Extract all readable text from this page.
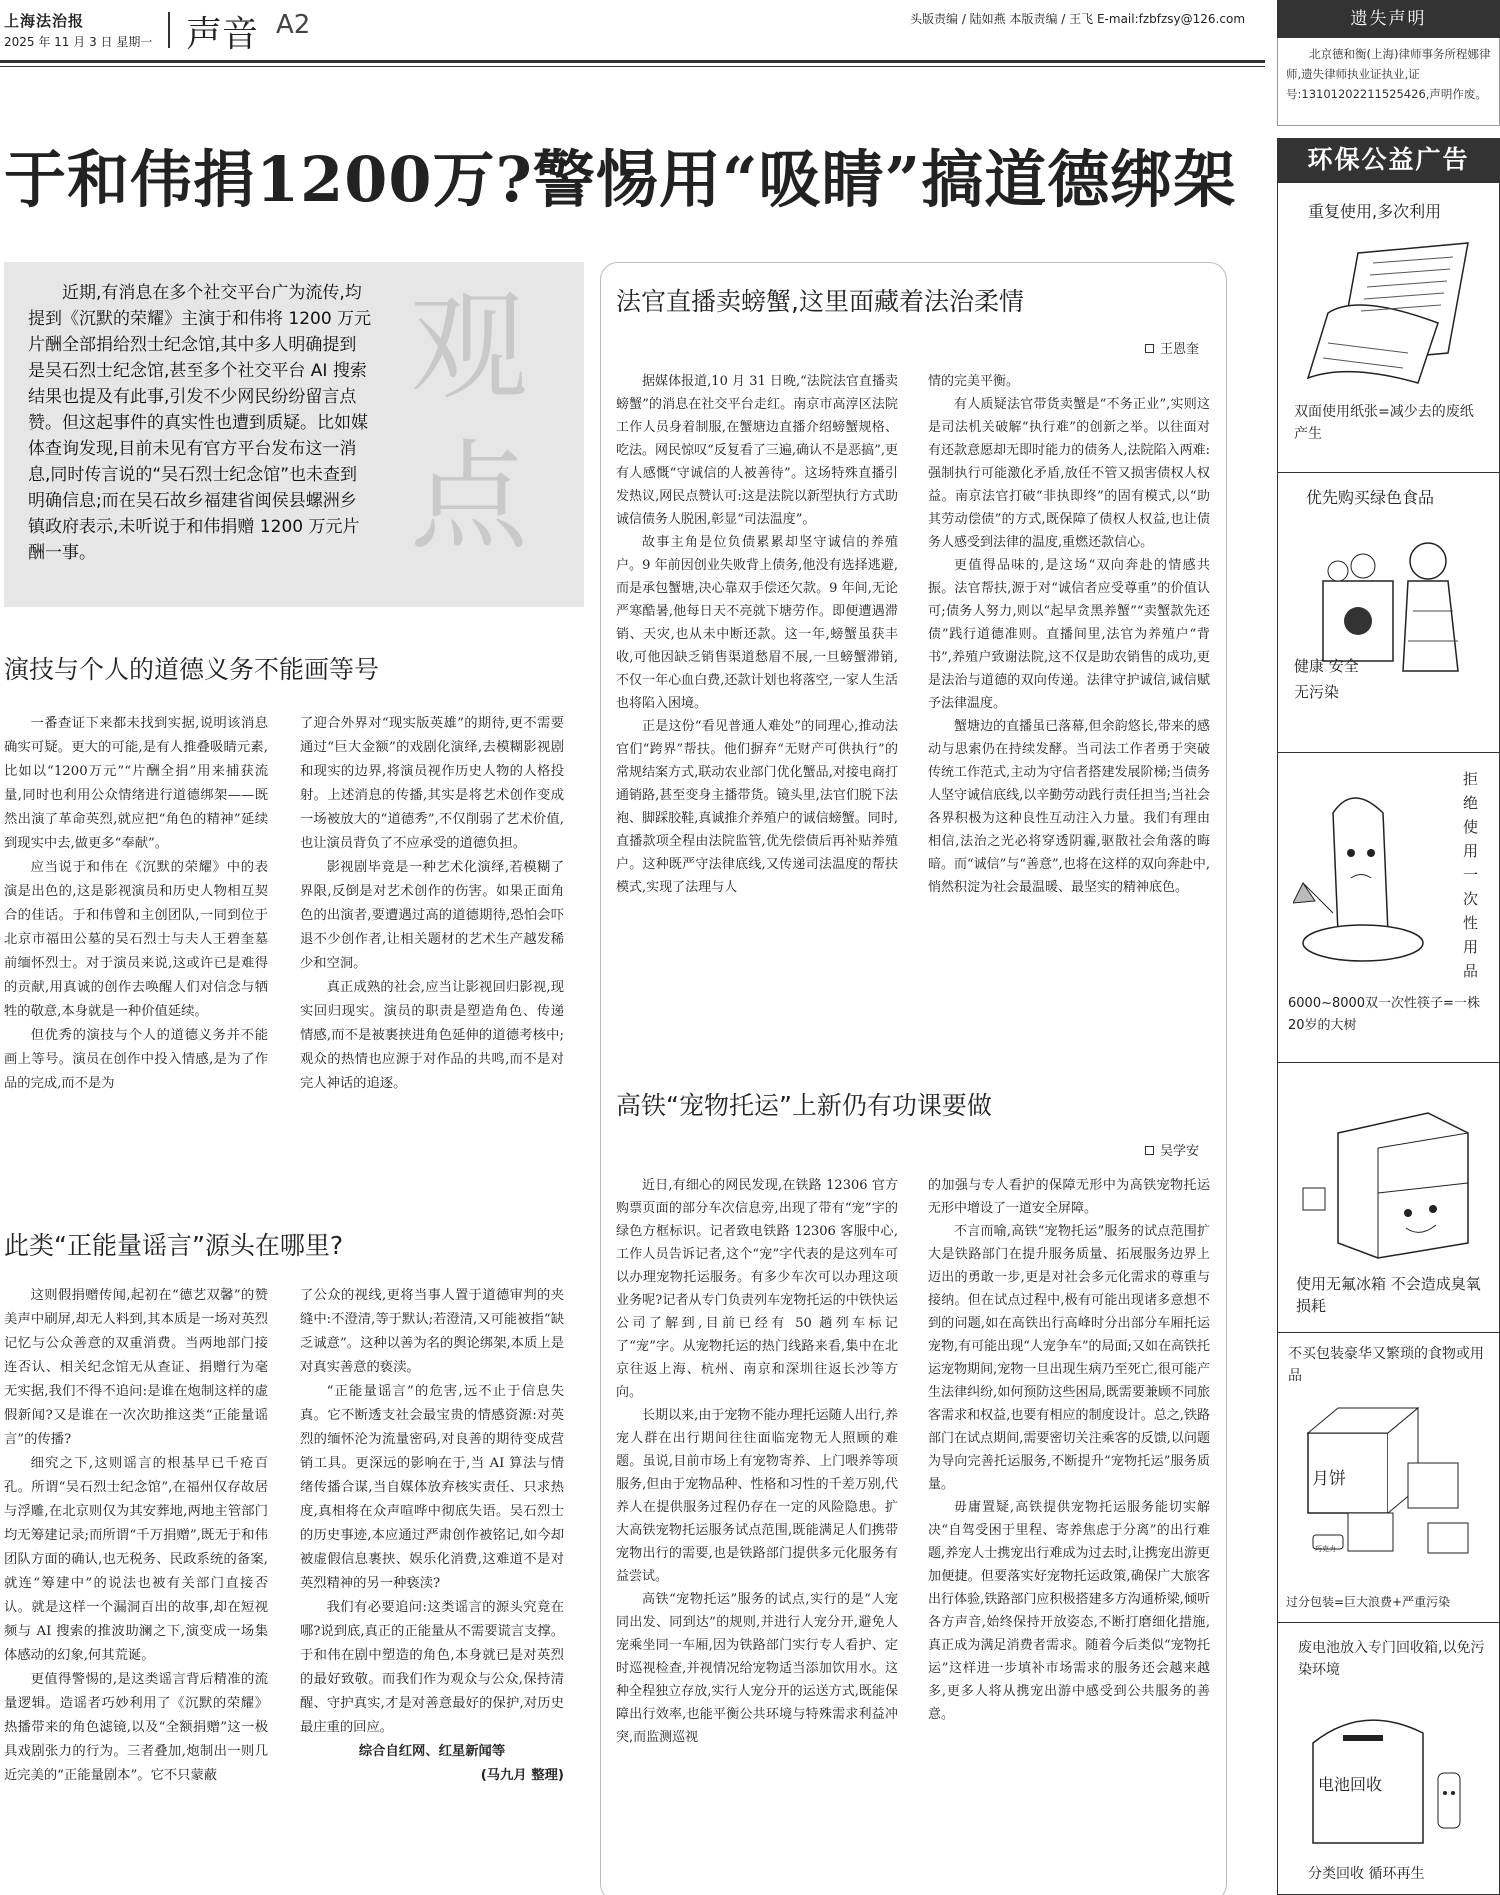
上海法治报
2025 年 11 月 3 日 星期一 声音 A2	头版责编 / 陆如燕 本版责编 / 王飞 E-mail:fzbfzsy@126.com
于和伟捐1200万?警惕用“吸睛”搞道德绑架
近期,有消息在多个社交平台广为流传,均提到《沉默的荣耀》主演于和伟将 1200 万元片酬全部捐给烈士纪念馆,其中多人明确提到是吴石烈士纪念馆,甚至多个社交平台 AI 搜索结果也提及有此事,引发不少网民纷纷留言点赞。但这起事件的真实性也遭到质疑。比如媒体查询发现,目前未见有官方平台发布这一消息,同时传言说的“吴石烈士纪念馆”也未查到明确信息;而在吴石故乡福建省闽侯县螺洲乡镇政府表示,未听说于和伟捐赠 1200 万元片酬一事。
观点
演技与个人的道德义务不能画等号

一番查证下来都未找到实据,说明该消息确实可疑。更大的可能,是有人推叠吸睛元素,比如以“1200万元”“片酬全捐”用来捕获流量,同时也利用公众情绪进行道德绑架——既然出演了革命英烈,就应把“角色的精神”延续到现实中去,做更多“奉献”。

应当说于和伟在《沉默的荣耀》中的表演是出色的,这是影视演员和历史人物相互契合的佳话。于和伟曾和主创团队,一同到位于北京市福田公墓的吴石烈士与夫人王碧奎墓前缅怀烈士。对于演员来说,这或许已是难得的贡献,用真诚的创作去唤醒人们对信念与牺牲的敬意,本身就是一种价值延续。

但优秀的演技与个人的道德义务并不能画上等号。演员在创作中投入情感,是为了作品的完成,而不是为

了迎合外界对“现实版英雄”的期待,更不需要通过“巨大金额”的戏剧化演绎,去模糊影视剧和现实的边界,将演员视作历史人物的人格投射。上述消息的传播,其实是将艺术创作变成一场被放大的“道德秀”,不仅削弱了艺术价值,也让演员背负了不应承受的道德负担。

影视剧毕竟是一种艺术化演绎,若模糊了界限,反倒是对艺术创作的伤害。如果正面角色的出演者,要遭遇过高的道德期待,恐怕会吓退不少创作者,让相关题材的艺术生产越发稀少和空洞。

真正成熟的社会,应当让影视回归影视,现实回归现实。演员的职责是塑造角色、传递情感,而不是被裹挟进角色延伸的道德考核中;观众的热情也应源于对作品的共鸣,而不是对完人神话的追逐。

此类“正能量谣言”源头在哪里?

这则假捐赠传闻,起初在“德艺双馨”的赞美声中刷屏,却无人料到,其本质是一场对英烈记忆与公众善意的双重消费。当两地部门接连否认、相关纪念馆无从查证、捐赠行为毫无实据,我们不得不追问:是谁在炮制这样的虚假新闻?又是谁在一次次助推这类“正能量谣言”的传播?

细究之下,这则谣言的根基早已千疮百孔。所谓“吴石烈士纪念馆”,在福州仅存故居与浮雕,在北京则仅为其安葬地,两地主管部门均无筹建记录;而所谓“千万捐赠”,既无于和伟团队方面的确认,也无税务、民政系统的备案,就连“筹建中”的说法也被有关部门直接否认。就是这样一个漏洞百出的故事,却在短视频与 AI 搜索的推波助澜之下,演变成一场集体感动的幻象,何其荒诞。

更值得警惕的,是这类谣言背后精准的流量逻辑。造谣者巧妙利用了《沉默的荣耀》热播带来的角色滤镜,以及“全额捐赠”这一极具戏剧张力的行为。三者叠加,炮制出一则几近完美的“正能量剧本”。它不只蒙蔽

了公众的视线,更将当事人置于道德审判的夹缝中:不澄清,等于默认;若澄清,又可能被指“缺乏诚意”。这种以善为名的舆论绑架,本质上是对真实善意的亵渎。

“正能量谣言”的危害,远不止于信息失真。它不断透支社会最宝贵的情感资源:对英烈的缅怀沦为流量密码,对良善的期待变成营销工具。更深远的影响在于,当 AI 算法与情绪传播合谋,当自媒体放弃核实责任、只求热度,真相将在众声喧哗中彻底失语。吴石烈士的历史事迹,本应通过严肃创作被铭记,如今却被虚假信息裹挟、娱乐化消费,这难道不是对英烈精神的另一种亵渎?

我们有必要追问:这类谣言的源头究竟在哪?说到底,真正的正能量从不需要谎言支撑。于和伟在剧中塑造的角色,本身就已是对英烈的最好致敬。而我们作为观众与公众,保持清醒、守护真实,才是对善意最好的保护,对历史最庄重的回应。

综合自红网、红星新闻等
(马九月 整理)
法官直播卖螃蟹,这里面藏着法治柔情
王恩奎

据媒体报道,10 月 31 日晚,“法院法官直播卖螃蟹”的消息在社交平台走红。南京市高淳区法院工作人员身着制服,在蟹塘边直播介绍螃蟹规格、吃法。网民惊叹“反复看了三遍,确认不是恶搞”,更有人感慨“守诚信的人被善待”。这场特殊直播引发热议,网民点赞认可:这是法院以新型执行方式助诚信债务人脱困,彰显“司法温度”。

故事主角是位负债累累却坚守诚信的养殖户。9 年前因创业失败背上债务,他没有选择逃避,而是承包蟹塘,决心靠双手偿还欠款。9 年间,无论严寒酷暑,他每日天不亮就下塘劳作。即便遭遇滞销、天灾,也从未中断还款。这一年,螃蟹虽获丰收,可他因缺乏销售渠道愁眉不展,一旦螃蟹滞销,不仅一年心血白费,还款计划也将落空,一家人生活也将陷入困境。

正是这份“看见普通人难处”的同理心,推动法官们“跨界”帮扶。他们摒弃“无财产可供执行”的常规结案方式,联动农业部门优化蟹品,对接电商打通销路,甚至变身主播带货。镜头里,法官们脱下法袍、脚踩胶鞋,真诚推介养殖户的诚信螃蟹。同时,直播款项全程由法院监管,优先偿债后再补贴养殖户。这种既严守法律底线,又传递司法温度的帮扶模式,实现了法理与人

情的完美平衡。

有人质疑法官带货卖蟹是“不务正业”,实则这是司法机关破解“执行难”的创新之举。以往面对有还款意愿却无即时能力的债务人,法院陷入两难:强制执行可能激化矛盾,放任不管又损害债权人权益。南京法官打破“非执即终”的固有模式,以“助其劳动偿债”的方式,既保障了债权人权益,也让债务人感受到法律的温度,重燃还款信心。

更值得品味的,是这场“双向奔赴的情感共振。法官帮扶,源于对“诚信者应受尊重”的价值认可;债务人努力,则以“起早贪黑养蟹”“卖蟹款先还债”践行道德准则。直播间里,法官为养殖户“背书”,养殖户致谢法院,这不仅是助农销售的成功,更是法治与道德的双向传递。法律守护诚信,诚信赋予法律温度。

蟹塘边的直播虽已落幕,但余韵悠长,带来的感动与思索仍在持续发酵。当司法工作者勇于突破传统工作范式,主动为守信者搭建发展阶梯;当债务人坚守诚信底线,以辛勤劳动践行责任担当;当社会各界积极为这种良性互动注入力量。我们有理由相信,法治之光必将穿透阴霾,驱散社会角落的晦暗。而“诚信”与“善意”,也将在这样的双向奔赴中,悄然积淀为社会最温暖、最坚实的精神底色。

高铁“宠物托运”上新仍有功课要做
吴学安

近日,有细心的网民发现,在铁路 12306 官方购票页面的部分车次信息旁,出现了带有“宠”字的绿色方框标识。记者致电铁路 12306 客服中心,工作人员告诉记者,这个“宠”字代表的是这列车可以办理宠物托运服务。有多少车次可以办理这项业务呢?记者从专门负责列车宠物托运的中铁快运公司了解到,目前已经有 50 趟列车标记了“宠”字。从宠物托运的热门线路来看,集中在北京往返上海、杭州、南京和深圳往返长沙等方向。

长期以来,由于宠物不能办理托运随人出行,养宠人群在出行期间往往面临宠物无人照顾的难题。虽说,目前市场上有宠物寄养、上门喂养等项服务,但由于宠物品种、性格和习性的千差万别,代养人在提供服务过程仍存在一定的风险隐患。扩大高铁宠物托运服务试点范围,既能满足人们携带宠物出行的需要,也是铁路部门提供多元化服务有益尝试。

高铁“宠物托运”服务的试点,实行的是“人宠同出发、同到达”的规则,并进行人宠分开,避免人宠乘坐同一车厢,因为铁路部门实行专人看护、定时巡视检查,并视情况给宠物适当添加饮用水。这种全程独立存放,实行人宠分开的运送方式,既能保障出行效率,也能平衡公共环境与特殊需求利益冲突,而监测巡视

的加强与专人看护的保障无形中为高铁宠物托运无形中增设了一道安全屏障。

不言而喻,高铁“宠物托运”服务的试点范围扩大是铁路部门在提升服务质量、拓展服务边界上迈出的勇敢一步,更是对社会多元化需求的尊重与接纳。但在试点过程中,极有可能出现诸多意想不到的问题,如在高铁出行高峰时分出部分车厢托运宠物,有可能出现“人宠争车”的局面;又如在高铁托运宠物期间,宠物一旦出现生病乃至死亡,很可能产生法律纠纷,如何预防这些困局,既需要兼顾不同旅客需求和权益,也要有相应的制度设计。总之,铁路部门在试点期间,需要密切关注乘客的反馈,以问题为导向完善托运服务,不断提升“宠物托运”服务质量。

毋庸置疑,高铁提供宠物托运服务能切实解决“自驾受困于里程、寄养焦虑于分离”的出行难题,养宠人士携宠出行难成为过去时,让携宠出游更加便捷。但要落实好宠物托运政策,确保广大旅客出行体验,铁路部门应积极搭建多方沟通桥梁,倾听各方声音,始终保持开放姿态,不断打磨细化措施,真正成为满足消费者需求。随着今后类似“宠物托运”这样进一步填补市场需求的服务还会越来越多,更多人将从携宠出游中感受到公共服务的善意。

遗失声明
北京德和衡(上海)律师事务所程娜律师,遗失律师执业证执业,证号:13101202211525426,声明作废。
环保公益广告
重复使用,多次利用
双面使用纸张=减少去的废纸产生
优先购买绿色食品
健康 安全 无污染
拒绝使用一次性用品
6000~8000双一次性筷子=一株20岁的大树
使用无氟冰箱 不会造成臭氧损耗
不买包装豪华又繁琐的食物或用品
月饼
巧克力
过分包装=巨大浪费+严重污染
废电池放入专门回收箱,以免污染环境
电池回收
分类回收 循环再生
